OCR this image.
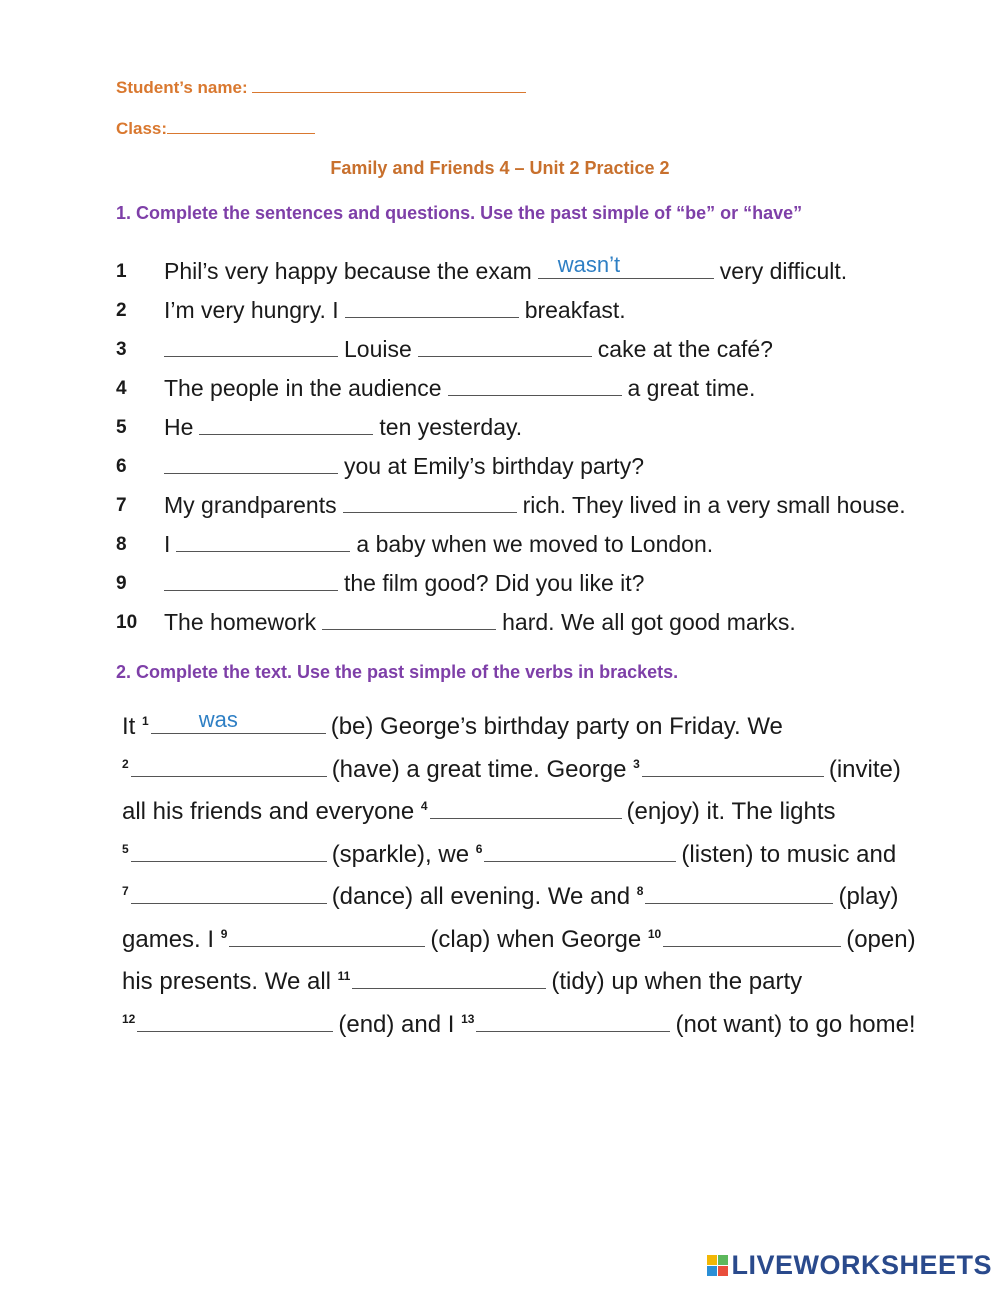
Student’s name:
Class:
Family and Friends 4 – Unit 2 Practice 2
1. Complete the sentences and questions. Use the past simple of “be” or “have”
1	Phil’s very happy because the exam wasn’t	very difficult.
2	I’m very hungry. I	breakfast.
3	Louise	cake at the café?
4	The people in the audience	a great time.
5	He	ten yesterday.
6	you at Emily’s birthday party?
7	My grandparents	rich. They lived in a very small house.
8	I	a baby when we moved to London.
9	the film good? Did you like it?
10	The homework	hard. We all got good marks.
2. Complete the text. Use the past simple of the verbs in brackets.
It $^1$ was	(be) George’s birthday party on Friday. We
$^2$	(have) a great time. George $^3$	(invite)
all his friends and everyone $^4$	(enjoy) it. The lights
$^5$	(sparkle), we $^6$	(listen) to music and
$^7$	(dance) all evening. We and $^8$	(play)
games. I $^9$	(clap) when George $^{10}$	(open)
his presents. We all $^{11}$	(tidy) up when the party
$^{12}$	(end) and I $^{13}$	(not want) to go home!
LIVEWORKSHEETS
